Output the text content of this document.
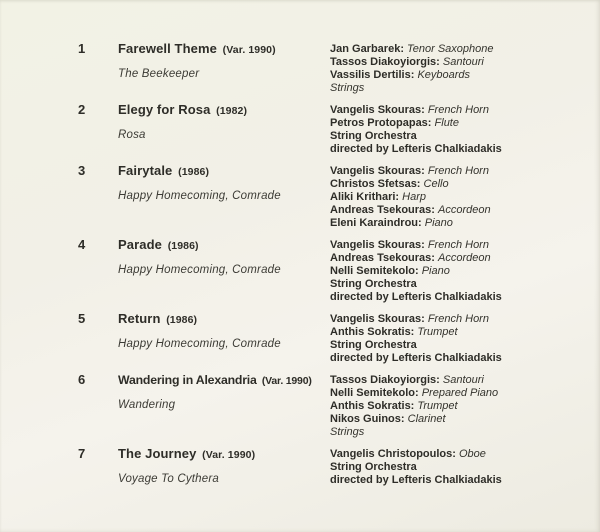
1	Farewell Theme (Var. 1990)
The Beekeeper
Jan Garbarek: Tenor Saxophone
Tassos Diakoyiorgis: Santouri
Vassilis Dertilis: Keyboards
Strings
2	Elegy for Rosa (1982)
Rosa
Vangelis Skouras: French Horn
Petros Protopapas: Flute
String Orchestra
directed by Lefteris Chalkiadakis
3	Fairytale (1986)
Happy Homecoming, Comrade
Vangelis Skouras: French Horn
Christos Sfetsas: Cello
Aliki Krithari: Harp
Andreas Tsekouras: Accordeon
Eleni Karaindrou: Piano
4	Parade (1986)
Happy Homecoming, Comrade
Vangelis Skouras: French Horn
Andreas Tsekouras: Accordeon
Nelli Semitekolo: Piano
String Orchestra
directed by Lefteris Chalkiadakis
5	Return (1986)
Happy Homecoming, Comrade
Vangelis Skouras: French Horn
Anthis Sokratis: Trumpet
String Orchestra
directed by Lefteris Chalkiadakis
6	Wandering in Alexandria (Var. 1990)
Wandering
Tassos Diakoyiorgis: Santouri
Nelli Semitekolo: Prepared Piano
Anthis Sokratis: Trumpet
Nikos Guinos: Clarinet
Strings
7	The Journey (Var. 1990)
Voyage To Cythera
Vangelis Christopoulos: Oboe
String Orchestra
directed by Lefteris Chalkiadakis
